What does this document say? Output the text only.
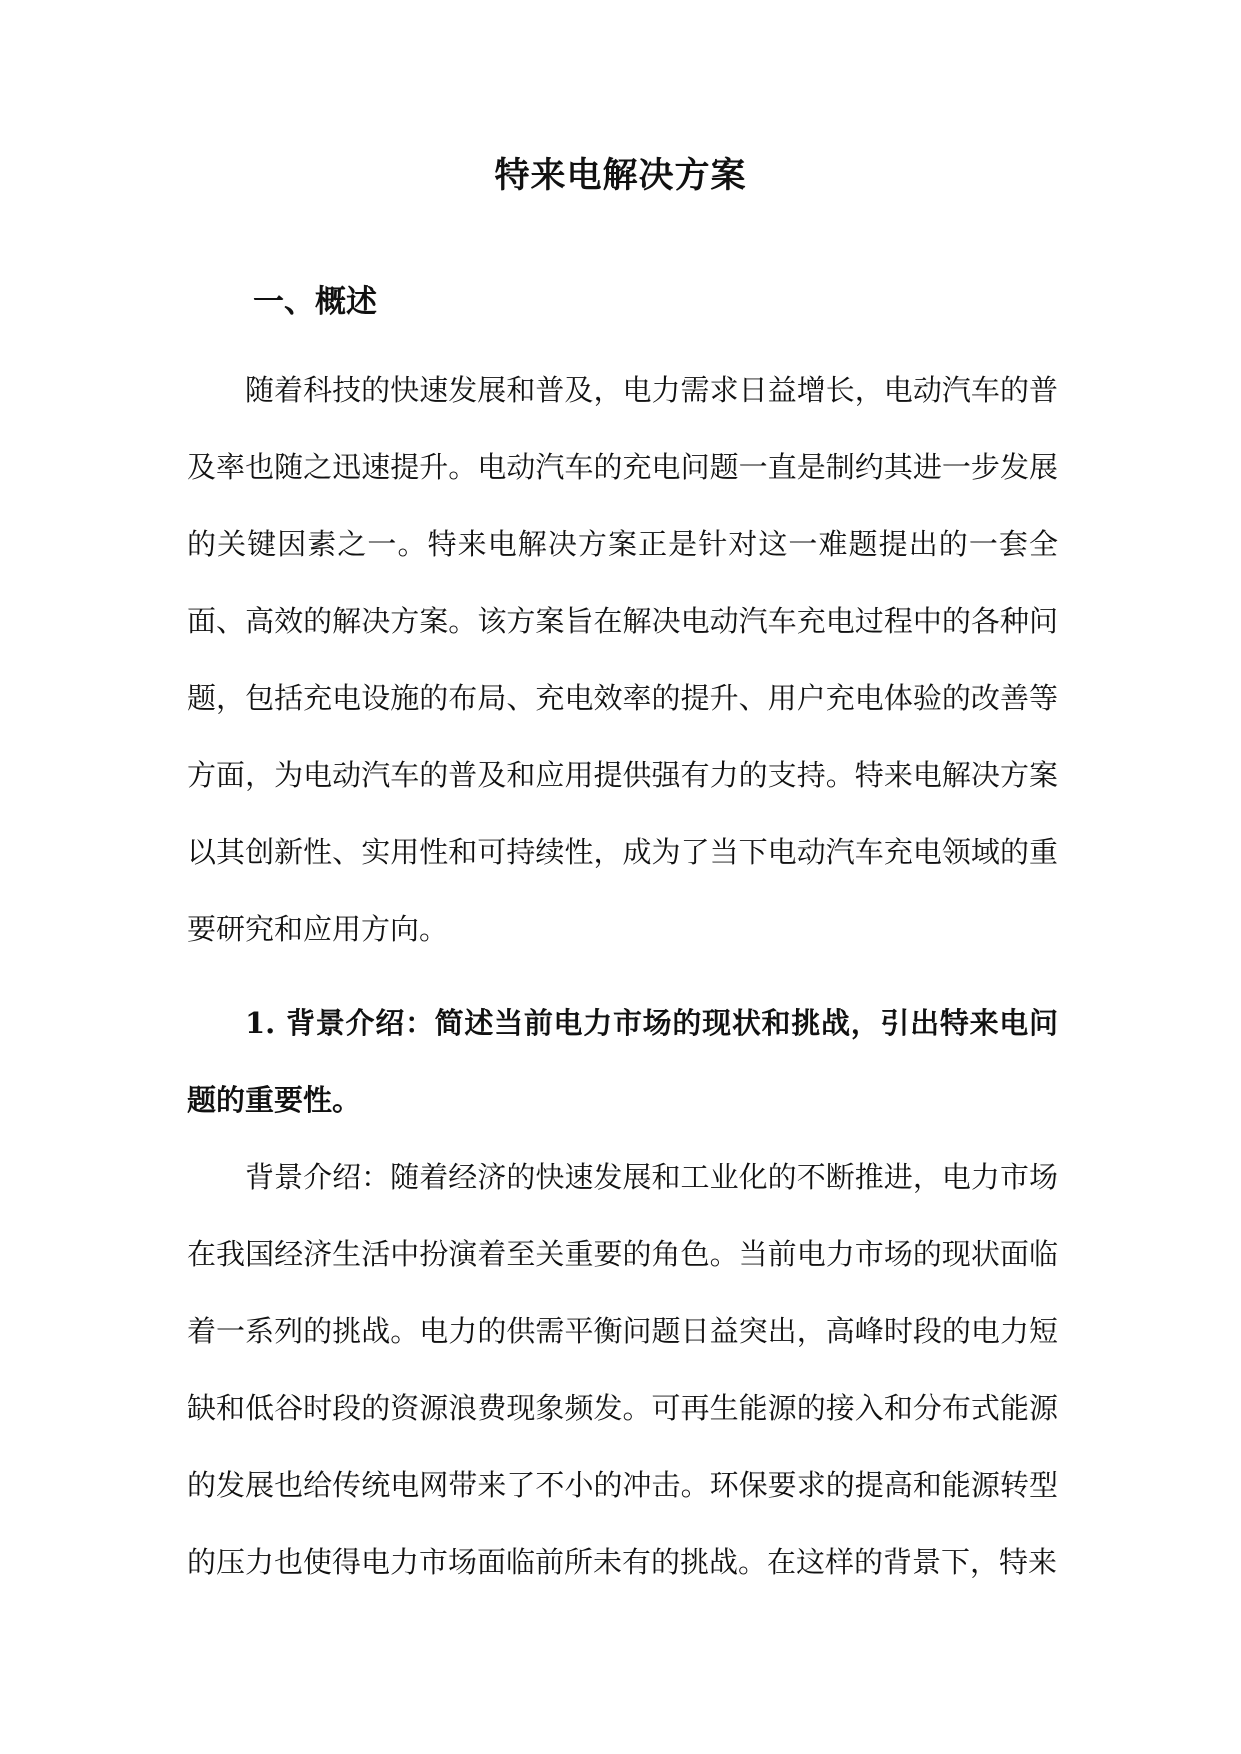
特来电解决方案
一、概述

随着科技的快速发展和普及，电力需求日益增长，电动汽车的普及率也随之迅速提升。电动汽车的充电问题一直是制约其进一步发展的关键因素之一。特来电解决方案正是针对这一难题提出的一套全面、高效的解决方案。该方案旨在解决电动汽车充电过程中的各种问题，包括充电设施的布局、充电效率的提升、用户充电体验的改善等方面，为电动汽车的普及和应用提供强有力的支持。特来电解决方案以其创新性、实用性和可持续性，成为了当下电动汽车充电领域的重要研究和应用方向。

1. 背景介绍：简述当前电力市场的现状和挑战，引出特来电问题的重要性。

背景介绍：随着经济的快速发展和工业化的不断推进，电力市场在我国经济生活中扮演着至关重要的角色。当前电力市场的现状面临着一系列的挑战。电力的供需平衡问题日益突出，高峰时段的电力短缺和低谷时段的资源浪费现象频发。可再生能源的接入和分布式能源的发展也给传统电网带来了不小的冲击。环保要求的提高和能源转型的压力也使得电力市场面临前所未有的挑战。在这样的背景下，特来
